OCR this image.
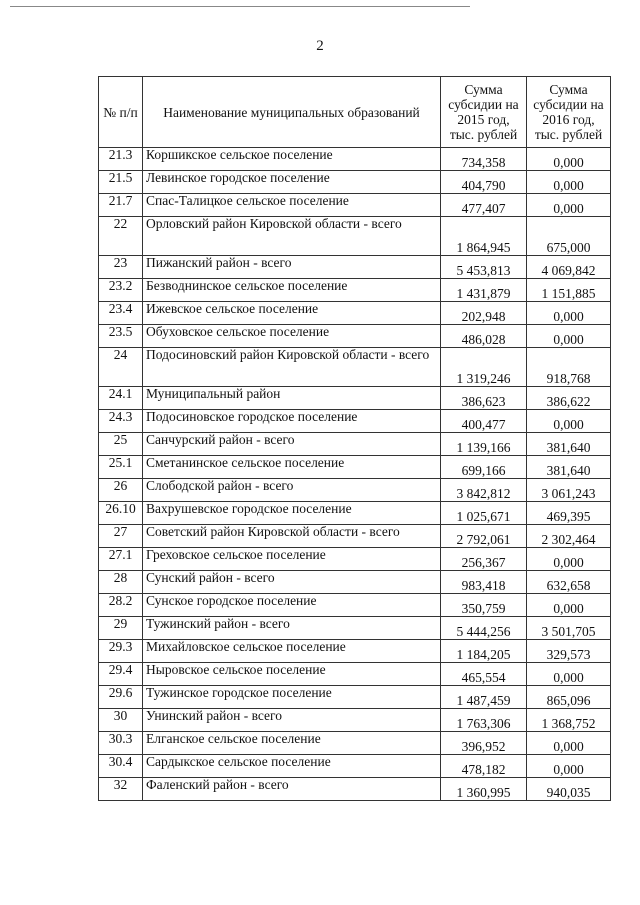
2
№ п/п	Наименование муниципальных образований	Сумма субсидии на 2015 год, тыс. рублей	Сумма субсидии на 2016 год, тыс. рублей
21.3	Коршикское сельское поселение	734,358	0,000
21.5	Левинское городское поселение	404,790	0,000
21.7	Спас-Талицкое сельское поселение	477,407	0,000
22	Орловский район Кировской области - всего	1 864,945	675,000
23	Пижанский район - всего	5 453,813	4 069,842
23.2	Безводнинское сельское поселение	1 431,879	1 151,885
23.4	Ижевское сельское поселение	202,948	0,000
23.5	Обуховское сельское поселение	486,028	0,000
24	Подосиновский район Кировской области - всего	1 319,246	918,768
24.1	Муниципальный район	386,623	386,622
24.3	Подосиновское городское поселение	400,477	0,000
25	Санчурский район - всего	1 139,166	381,640
25.1	Сметанинское сельское поселение	699,166	381,640
26	Слободской район - всего	3 842,812	3 061,243
26.10	Вахрушевское городское поселение	1 025,671	469,395
27	Советский район Кировской области - всего	2 792,061	2 302,464
27.1	Греховское сельское поселение	256,367	0,000
28	Сунский район - всего	983,418	632,658
28.2	Сунское городское поселение	350,759	0,000
29	Тужинский район - всего	5 444,256	3 501,705
29.3	Михайловское сельское поселение	1 184,205	329,573
29.4	Ныровское сельское поселение	465,554	0,000
29.6	Тужинское городское поселение	1 487,459	865,096
30	Унинский район - всего	1 763,306	1 368,752
30.3	Елганское сельское поселение	396,952	0,000
30.4	Сардыкское сельское поселение	478,182	0,000
32	Фаленский район - всего	1 360,995	940,035
